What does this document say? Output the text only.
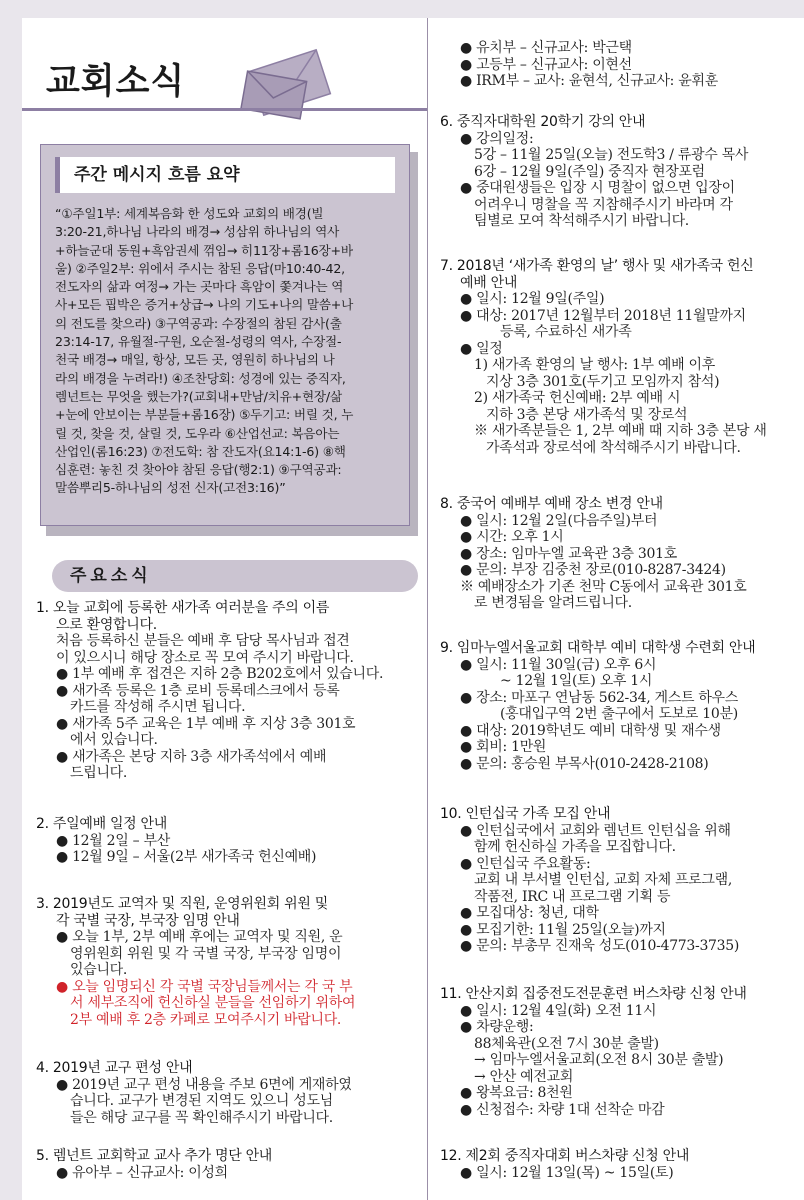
교회소식
주간 메시지 흐름 요약
“①주일1부: 세계복음화 한 성도와 교회의 배경(빌
3:20-21,하나님 나라의 배경→ 성삼위 하나님의 역사
+하늘군대 동원+흑암권세 꺾임→ 히11장+롬16장+바
울) ②주일2부: 위에서 주시는 참된 응답(마10:40-42,
전도자의 삶과 여정→ 가는 곳마다 흑암이 쫓겨나는 역
사+모든 핍박은 증거+상급→ 나의 기도+나의 말씀+나
의 전도를 찾으라) ③구역공과: 수장절의 참된 감사(출
23:14-17, 유월절-구원, 오순절-성령의 역사, 수장절-
천국 배경→ 매일, 항상, 모든 곳, 영원히 하나님의 나
라의 배경을 누려라!) ④조찬당회: 성경에 있는 중직자,
렘넌트는 무엇을 했는가?(교회내+만남/치유+현장/삶
+눈에 안보이는 부분들+롬16장) ⑤두기고: 버릴 것, 누
릴 것, 찾을 것, 살릴 것, 도우라 ⑥산업선교: 복음아는
산업인(롬16:23) ⑦전도학: 참 잔도자(요14:1-6) ⑧핵
심훈련: 놓친 것 찾아야 참된 응답(행2:1) ⑨구역공과:
말씀뿌리5-하나님의 성전 신자(고전3:16)”
주요소식
1. 오늘 교회에 등록한 새가족 여러분을 주의 이름
으로 환영합니다.
처음 등록하신 분들은 예배 후 담당 목사님과 접견
이 있으시니 해당 장소로 꼭 모여 주시기 바랍니다.
● 1부 예배 후 접견은 지하 2층 B202호에서 있습니다.
● 새가족 등록은 1층 로비 등록데스크에서 등록
카드를 작성해 주시면 됩니다.
● 새가족 5주 교육은 1부 예배 후 지상 3층 301호
에서 있습니다.
● 새가족은 본당 지하 3층 새가족석에서 예배
드립니다.
2. 주일예배 일정 안내
● 12월 2일 – 부산
● 12월 9일 – 서울(2부 새가족국 헌신예배)
3. 2019년도 교역자 및 직원, 운영위원회 위원 및
각 국별 국장, 부국장 임명 안내
● 오늘 1부, 2부 예배 후에는 교역자 및 직원, 운
영위원회 위원 및 각 국별 국장, 부국장 임명이
있습니다.
● 오늘 임명되신 각 국별 국장님들께서는 각 국 부
서 세부조직에 헌신하실 분들을 선임하기 위하여
2부 예배 후 2층 카페로 모여주시기 바랍니다.
4. 2019년 교구 편성 안내
● 2019년 교구 편성 내용을 주보 6면에 게재하였
습니다. 교구가 변경된 지역도 있으니 성도님
들은 해당 교구를 꼭 확인해주시기 바랍니다.
5. 렘넌트 교회학교 교사 추가 명단 안내
● 유아부 – 신규교사: 이성희
● 유치부 – 신규교사: 박근택
● 고등부 – 신규교사: 이현선
● IRM부 – 교사: 윤현석, 신규교사: 윤휘훈
6. 중직자대학원 20학기 강의 안내
● 강의일정:
5강 – 11월 25일(오늘) 전도학3 / 류광수 목사
6강 – 12월 9일(주일) 중직자 현장포럼
● 중대원생들은 입장 시 명찰이 없으면 입장이
어려우니 명찰을 꼭 지참해주시기 바라며 각
팀별로 모여 착석해주시기 바랍니다.
7. 2018년 ‘새가족 환영의 날’ 행사 및 새가족국 헌신
예배 안내
● 일시: 12월 9일(주일)
● 대상: 2017년 12월부터 2018년 11월말까지
등록, 수료하신 새가족
● 일정
1) 새가족 환영의 날 행사: 1부 예배 이후
지상 3층 301호(두기고 모임까지 참석)
2) 새가족국 헌신예배: 2부 예배 시
지하 3층 본당 새가족석 및 장로석
※ 새가족분들은 1, 2부 예배 때 지하 3층 본당 새
가족석과 장로석에 착석해주시기 바랍니다.
8. 중국어 예배부 예배 장소 변경 안내
● 일시: 12월 2일(다음주일)부터
● 시간: 오후 1시
● 장소: 임마누엘 교육관 3층 301호
● 문의: 부장 김중천 장로(010-8287-3424)
※ 예배장소가 기존 천막 C동에서 교육관 301호
로 변경됨을 알려드립니다.
9. 임마누엘서울교회 대학부 예비 대학생 수련회 안내
● 일시: 11월 30일(금) 오후 6시
~ 12월 1일(토) 오후 1시
● 장소: 마포구 연남동 562-34, 게스트 하우스
(홍대입구역 2번 출구에서 도보로 10분)
● 대상: 2019학년도 예비 대학생 및 재수생
● 회비: 1만원
● 문의: 홍승원 부목사(010-2428-2108)
10. 인턴십국 가족 모집 안내
● 인턴십국에서 교회와 렘넌트 인턴십을 위해
함께 헌신하실 가족을 모집합니다.
● 인턴십국 주요활동:
교회 내 부서별 인턴십, 교회 자체 프로그램,
작품전, IRC 내 프로그램 기획 등
● 모집대상: 청년, 대학
● 모집기한: 11월 25일(오늘)까지
● 문의: 부총무 진재욱 성도(010-4773-3735)
11. 안산지회 집중전도전문훈련 버스차량 신청 안내
● 일시: 12월 4일(화) 오전 11시
● 차량운행:
88체육관(오전 7시 30분 출발)
→ 임마누엘서울교회(오전 8시 30분 출발)
→ 안산 예전교회
● 왕복요금: 8천원
● 신청접수: 차량 1대 선착순 마감
12. 제2회 중직자대회 버스차량 신청 안내
● 일시: 12월 13일(목) ~ 15일(토)
